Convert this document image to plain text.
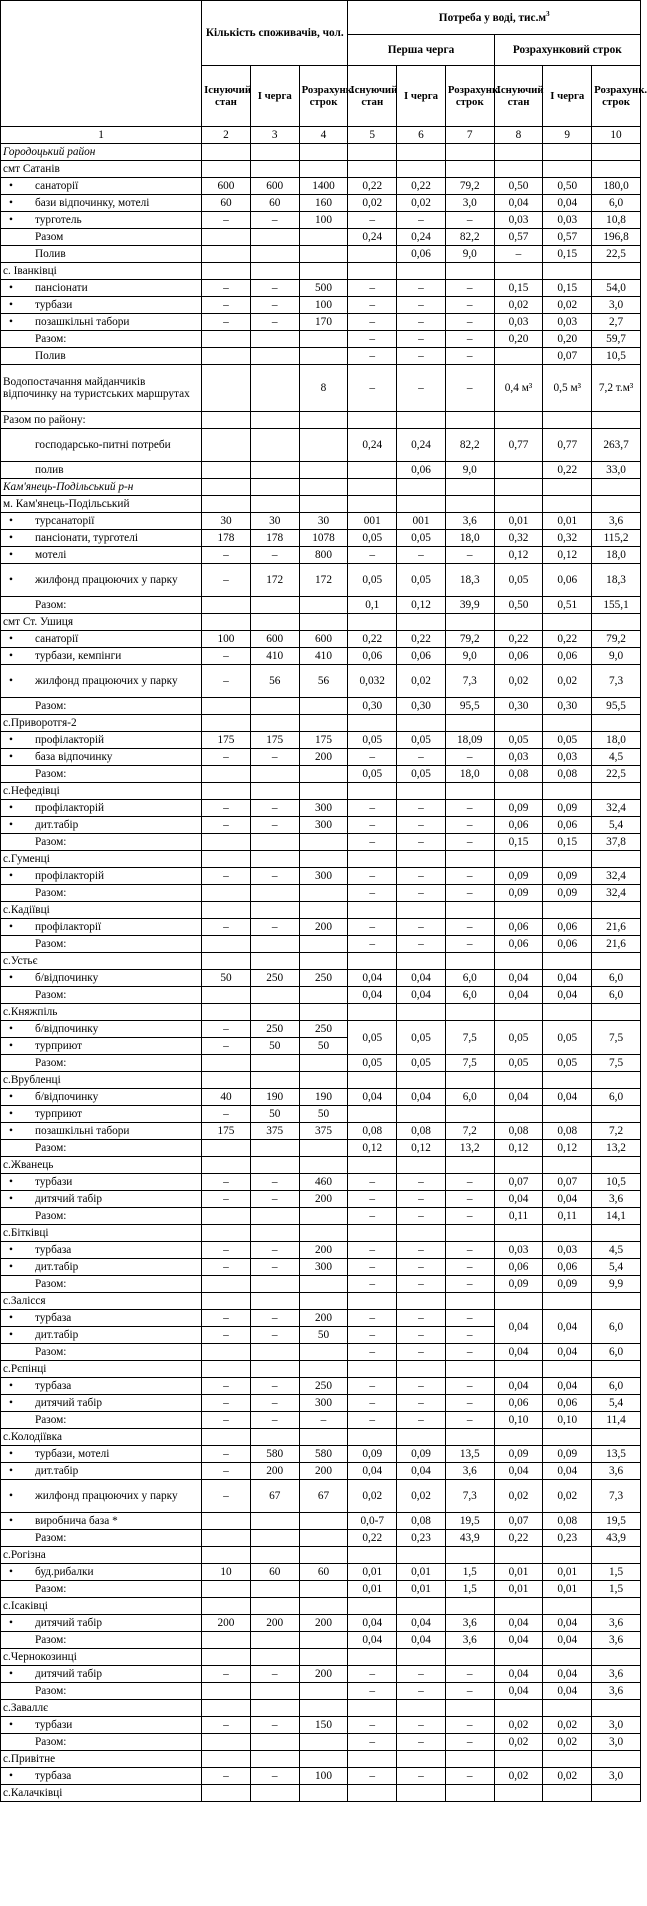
	Кількість споживачів, чол.			Потреба у воді, $тис.м^3$
				Перша черга			Розрахунковий строк		
	Існуючий стан	I черга	Розрахунк. строк	Існуючий стан	I черга	Розрахунк. строк	Існуючий стан	I черга	Розрахунк. строк
1	2	3	4	5	6	7	8	9	10
Городоцький район									
смт Сатанів									
• санаторії	600	600	1400	0,22	0,22	79,2	0,50	0,50	180,0
• бази відпочинку, мотелі	60	60	160	0,02	0,02	3,0	0,04	0,04	6,0
• турготель	–	–	100	–	–	–	0,03	0,03	10,8
Разом				0,24	0,24	82,2	0,57	0,57	196,8
Полив					0,06	9,0	–	0,15	22,5
с. Іванківці									
• пансіонати	–	–	500	–	–	–	0,15	0,15	54,0
• турбази	–	–	100	–	–	–	0,02	0,02	3,0
• позашкільні табори	–	–	170	–	–	–	0,03	0,03	2,7
Разом:				–	–	–	0,20	0,20	59,7
Полив				–	–	–		0,07	10,5
Водопостачання майданчиків відпочинку на туристських маршрутах			8	–	–	–	0,4 м³	0,5 м³	7,2 т.м³
Разом по району:									
господарсько-питні потреби				0,24	0,24	82,2	0,77	0,77	263,7
полив					0,06	9,0		0,22	33,0
Кам'янець-Подільський р-н									
м. Кам'янець-Подільський									
• турсанаторії	30	30	30	001	001	3,6	0,01	0,01	3,6
• пансіонати, турготелі	178	178	1078	0,05	0,05	18,0	0,32	0,32	115,2
• мотелі	–	–	800	–	–	–	0,12	0,12	18,0
• жилфонд працюючих у парку	–	172	172	0,05	0,05	18,3	0,05	0,06	18,3
Разом:				0,1	0,12	39,9	0,50	0,51	155,1
смт Ст. Ушиця									
• санаторії	100	600	600	0,22	0,22	79,2	0,22	0,22	79,2
• турбази, кемпінги	–	410	410	0,06	0,06	9,0	0,06	0,06	9,0
• жилфонд працюючих у парку	–	56	56	0,032	0,02	7,3	0,02	0,02	7,3
Разом:				0,30	0,30	95,5	0,30	0,30	95,5
с.Приворотгя-2									
• профілакторій	175	175	175	0,05	0,05	18,09	0,05	0,05	18,0
• база відпочинку	–	–	200	–	–	–	0,03	0,03	4,5
Разом:				0,05	0,05	18,0	0,08	0,08	22,5
с.Нефедівці									
• профілакторій	–	–	300	–	–	–	0,09	0,09	32,4
• дит.табір	–	–	300	–	–	–	0,06	0,06	5,4
Разом:				–	–	–	0,15	0,15	37,8
с.Гуменці									
• профілакторій	–	–	300	–	–	–	0,09	0,09	32,4
Разом:				–	–	–	0,09	0,09	32,4
с.Кадіївці									
• профілакторії	–	–	200	–	–	–	0,06	0,06	21,6
Разом:				–	–	–	0,06	0,06	21,6
с.Устьє									
• б/відпочинку	50	250	250	0,04	0,04	6,0	0,04	0,04	6,0
Разом:				0,04	0,04	6,0	0,04	0,04	6,0
с.Княжпіль									
• б/відпочинку	–	250	250	0,05	0,05	7,5	0,05	0,05	7,5
• турприют	–	50	50						
Разом:				0,05	0,05	7,5	0,05	0,05	7,5
с.Врубленці									
• б/відпочинку	40	190	190	0,04	0,04	6,0	0,04	0,04	6,0
• турприют	–	50	50						
• позашкільні табори	175	375	375	0,08	0,08	7,2	0,08	0,08	7,2
Разом:				0,12	0,12	13,2	0,12	0,12	13,2
с.Жванець									
• турбази	–	–	460	–	–	–	0,07	0,07	10,5
• дитячий табір	–	–	200	–	–	–	0,04	0,04	3,6
Разом:				–	–	–	0,11	0,11	14,1
с.Бітківці									
• турбаза	–	–	200	–	–	–	0,03	0,03	4,5
• дит.табір	–	–	300	–	–	–	0,06	0,06	5,4
Разом:				–	–	–	0,09	0,09	9,9
с.Залісся									
• турбаза	–	–	200	–	–	–	0,04	0,04	6,0
• дит.табір	–	–	50	–	–	–			
Разом:				–	–	–	0,04	0,04	6,0
с.Рєпінці									
• турбаза	–	–	250	–	–	–	0,04	0,04	6,0
• дитячий табір	–	–	300	–	–	–	0,06	0,06	5,4
Разом:	–	–	–	–	–	–	0,10	0,10	11,4
с.Колодіївка									
• турбази, мотелі	–	580	580	0,09	0,09	13,5	0,09	0,09	13,5
• дит.табір	–	200	200	0,04	0,04	3,6	0,04	0,04	3,6
• жилфонд працюючих у парку	–	67	67	0,02	0,02	7,3	0,02	0,02	7,3
• виробнича база *				0,0-7	0,08	19,5	0,07	0,08	19,5
Разом:				0,22	0,23	43,9	0,22	0,23	43,9
с.Рогізна									
• буд.рибалки	10	60	60	0,01	0,01	1,5	0,01	0,01	1,5
Разом:				0,01	0,01	1,5	0,01	0,01	1,5
с.Ісаківці									
• дитячий табір	200	200	200	0,04	0,04	3,6	0,04	0,04	3,6
Разом:				0,04	0,04	3,6	0,04	0,04	3,6
с.Чернокозинці									
• дитячий табір	–	–	200	–	–	–	0,04	0,04	3,6
Разом:				–	–	–	0,04	0,04	3,6
с.Заваллє									
• турбази	–	–	150	–	–	–	0,02	0,02	3,0
Разом:				–	–	–	0,02	0,02	3,0
с.Привітне									
• турбаза	–	–	100	–	–	–	0,02	0,02	3,0
с.Калачківці									
